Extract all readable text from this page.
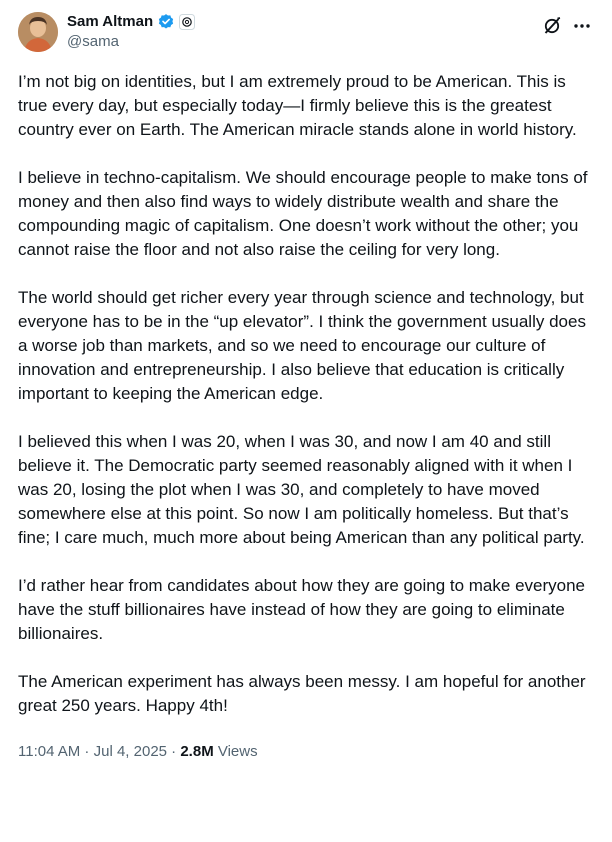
Sam Altman
@sama

I’m not big on identities, but I am extremely proud to be American. This is true every day, but especially today—I firmly believe this is the greatest country ever on Earth. The American miracle stands alone in world history.

I believe in techno-capitalism. We should encourage people to make tons of money and then also find ways to widely distribute wealth and share the compounding magic of capitalism. One doesn’t work without the other; you cannot raise the floor and not also raise the ceiling for very long.

The world should get richer every year through science and technology, but everyone has to be in the “up elevator”. I think the government usually does a worse job than markets, and so we need to encourage our culture of innovation and entrepreneurship. I also believe that education is critically important to keeping the American edge.

I believed this when I was 20, when I was 30, and now I am 40 and still believe it. The Democratic party seemed reasonably aligned with it when I was 20, losing the plot when I was 30, and completely to have moved somewhere else at this point. So now I am politically homeless. But that’s fine; I care much, much more about being American than any political party.

I’d rather hear from candidates about how they are going to make everyone have the stuff billionaires have instead of how they are going to eliminate billionaires.

The American experiment has always been messy. I am hopeful for another great 250 years. Happy 4th!

11:04 AM · Jul 4, 2025 · 2.8M Views
